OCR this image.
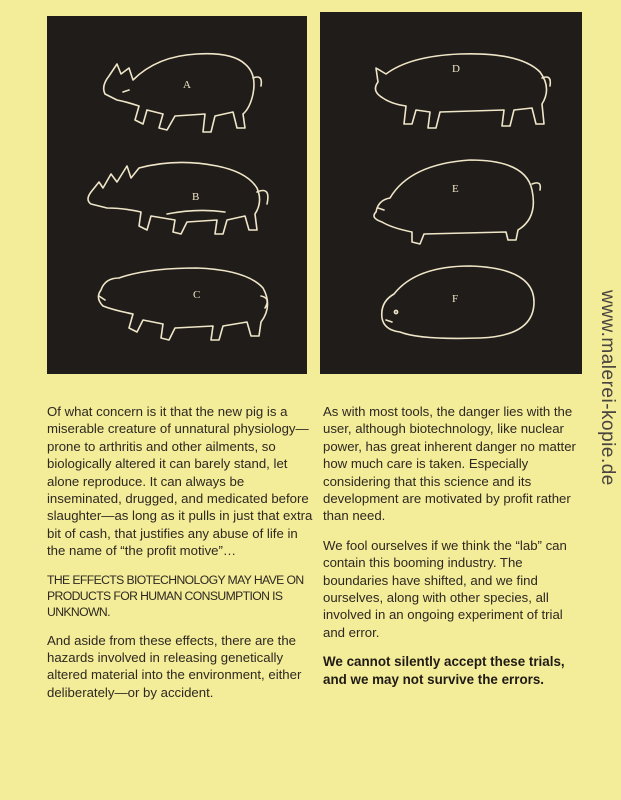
A
B
C
D
E
F

Of what concern is it that the new pig is a miserable creature of unnatural physiology—prone to arthritis and other ailments, so biologically altered it can barely stand, let alone reproduce. It can always be inseminated, drugged, and medicated before slaughter—as long as it pulls in just that extra bit of cash, that justifies any abuse of life in the name of “the profit motive”…

THE EFFECTS BIOTECHNOLOGY MAY HAVE ON PRODUCTS FOR HUMAN CONSUMPTION IS UNKNOWN.

And aside from these effects, there are the hazards involved in releasing genetically altered material into the environment, either deliberately—or by accident.

As with most tools, the danger lies with the user, although biotechnology, like nuclear power, has great inherent danger no matter how much care is taken. Especially considering that this science and its development are motivated by profit rather than need.

We fool ourselves if we think the “lab” can contain this booming industry. The boundaries have shifted, and we find ourselves, along with other species, all involved in an ongoing experiment of trial and error.

We cannot silently accept these trials, and we may not survive the errors.

www.malerei-kopie.de
